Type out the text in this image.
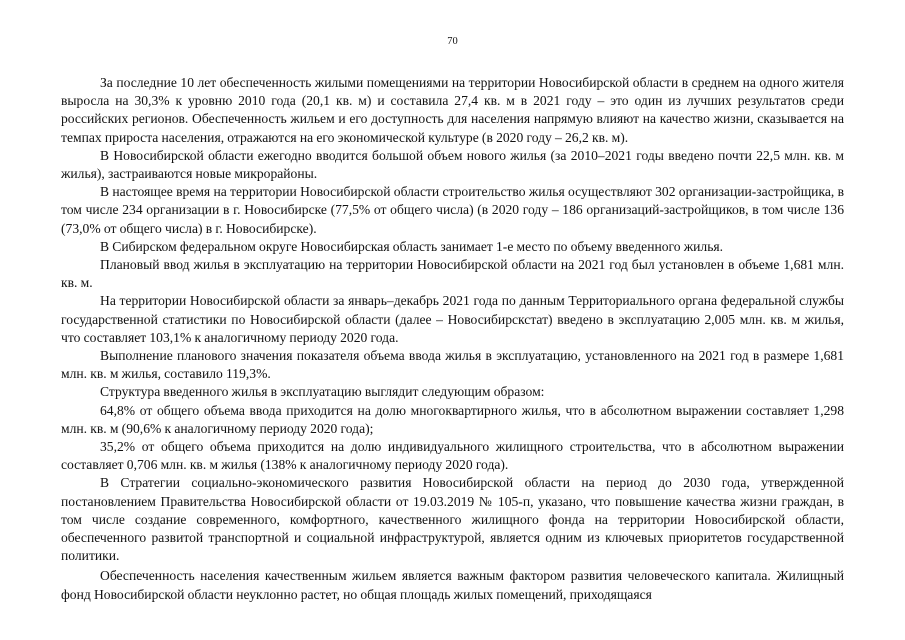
70

За последние 10 лет обеспеченность жилыми помещениями на территории Новосибирской области в среднем на одного жителя выросла на 30,3% к уровню 2010 года (20,1 кв. м) и составила 27,4 кв. м в 2021 году – это один из лучших результатов среди российских регионов. Обеспеченность жильем и его доступность для населения напрямую влияют на качество жизни, сказывается на темпах прироста населения, отражаются на его экономической культуре (в 2020 году – 26,2 кв. м).

В Новосибирской области ежегодно вводится большой объем нового жилья (за 2010–2021 годы введено почти 22,5 млн. кв. м жилья), застраиваются новые микрорайоны.

В настоящее время на территории Новосибирской области строительство жилья осуществляют 302 организации-застройщика, в том числе 234 организации в г. Новосибирске (77,5% от общего числа) (в 2020 году – 186 организаций-застройщиков, в том числе 136 (73,0% от общего числа) в г. Новосибирске).

В Сибирском федеральном округе Новосибирская область занимает 1-е место по объему введенного жилья.

Плановый ввод жилья в эксплуатацию на территории Новосибирской области на 2021 год был установлен в объеме 1,681 млн. кв. м.

На территории Новосибирской области за январь–декабрь 2021 года по данным Территориального органа федеральной службы государственной статистики по Новосибирской области (далее – Новосибирскстат) введено в эксплуатацию 2,005 млн. кв. м жилья, что составляет 103,1% к аналогичному периоду 2020 года.

Выполнение планового значения показателя объема ввода жилья в эксплуатацию, установленного на 2021 год в размере 1,681 млн. кв. м жилья, составило 119,3%.

Структура введенного жилья в эксплуатацию выглядит следующим образом:

64,8% от общего объема ввода приходится на долю многоквартирного жилья, что в абсолютном выражении составляет 1,298 млн. кв. м (90,6% к аналогичному периоду 2020 года);

35,2% от общего объема приходится на долю индивидуального жилищного строительства, что в абсолютном выражении составляет 0,706 млн. кв. м жилья (138% к аналогичному периоду 2020 года).

В Стратегии социально-экономического развития Новосибирской области на период до 2030 года, утвержденной постановлением Правительства Новосибирской области от 19.03.2019 № 105-п, указано, что повышение качества жизни граждан, в том числе создание современного, комфортного, качественного жилищного фонда на территории Новосибирской области, обеспеченного развитой транспортной и социальной инфраструктурой, является одним из ключевых приоритетов государственной политики.

Обеспеченность населения качественным жильем является важным фактором развития человеческого капитала. Жилищный фонд Новосибирской области неуклонно растет, но общая площадь жилых помещений, приходящаяся
